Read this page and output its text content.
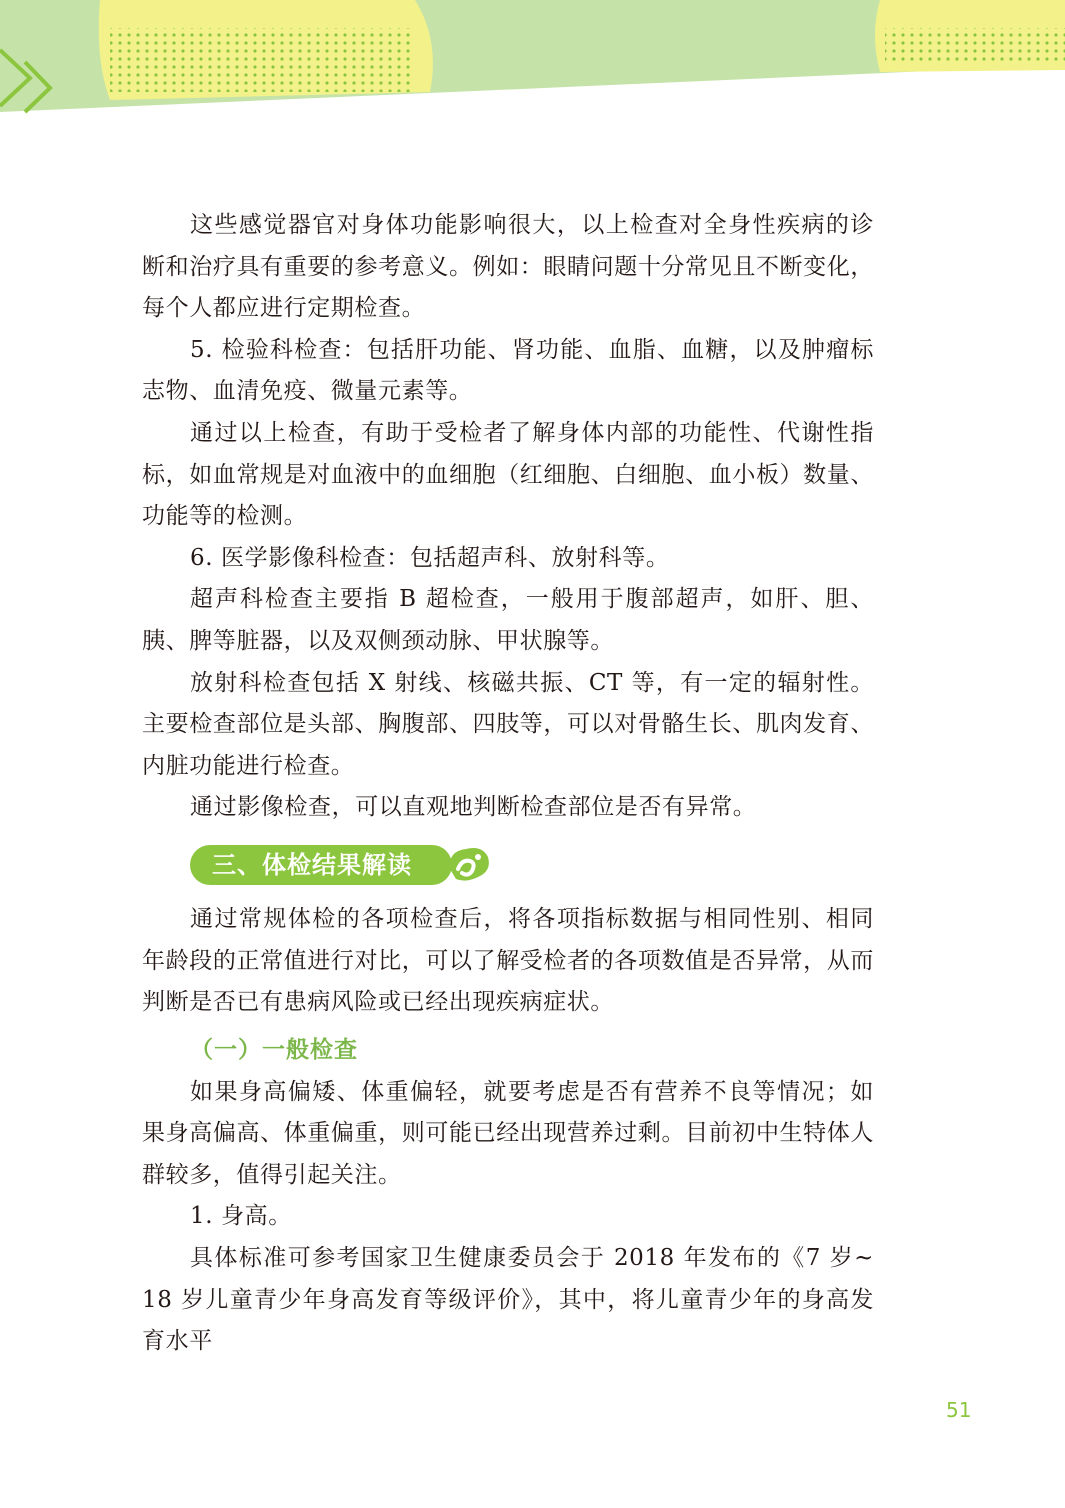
这些感觉器官对身体功能影响很大，以上检查对全身性疾病的诊断和治疗具有重要的参考意义。例如：眼睛问题十分常见且不断变化，每个人都应进行定期检查。

5. 检验科检查：包括肝功能、肾功能、血脂、血糖，以及肿瘤标志物、血清免疫、微量元素等。

通过以上检查，有助于受检者了解身体内部的功能性、代谢性指标，如血常规是对血液中的血细胞（红细胞、白细胞、血小板）数量、功能等的检测。

6. 医学影像科检查：包括超声科、放射科等。

超声科检查主要指 B 超检查，一般用于腹部超声，如肝、胆、胰、脾等脏器，以及双侧颈动脉、甲状腺等。

放射科检查包括 X 射线、核磁共振、CT 等，有一定的辐射性。主要检查部位是头部、胸腹部、四肢等，可以对骨骼生长、肌肉发育、内脏功能进行检查。

通过影像检查，可以直观地判断检查部位是否有异常。

三、体检结果解读

通过常规体检的各项检查后，将各项指标数据与相同性别、相同年龄段的正常值进行对比，可以了解受检者的各项数值是否异常，从而判断是否已有患病风险或已经出现疾病症状。

（一）一般检查

如果身高偏矮、体重偏轻，就要考虑是否有营养不良等情况；如果身高偏高、体重偏重，则可能已经出现营养过剩。目前初中生特体人群较多，值得引起关注。

1. 身高。

具体标准可参考国家卫生健康委员会于 2018 年发布的《7 岁~ 18 岁儿童青少年身高发育等级评价》，其中，将儿童青少年的身高发育水平

51
